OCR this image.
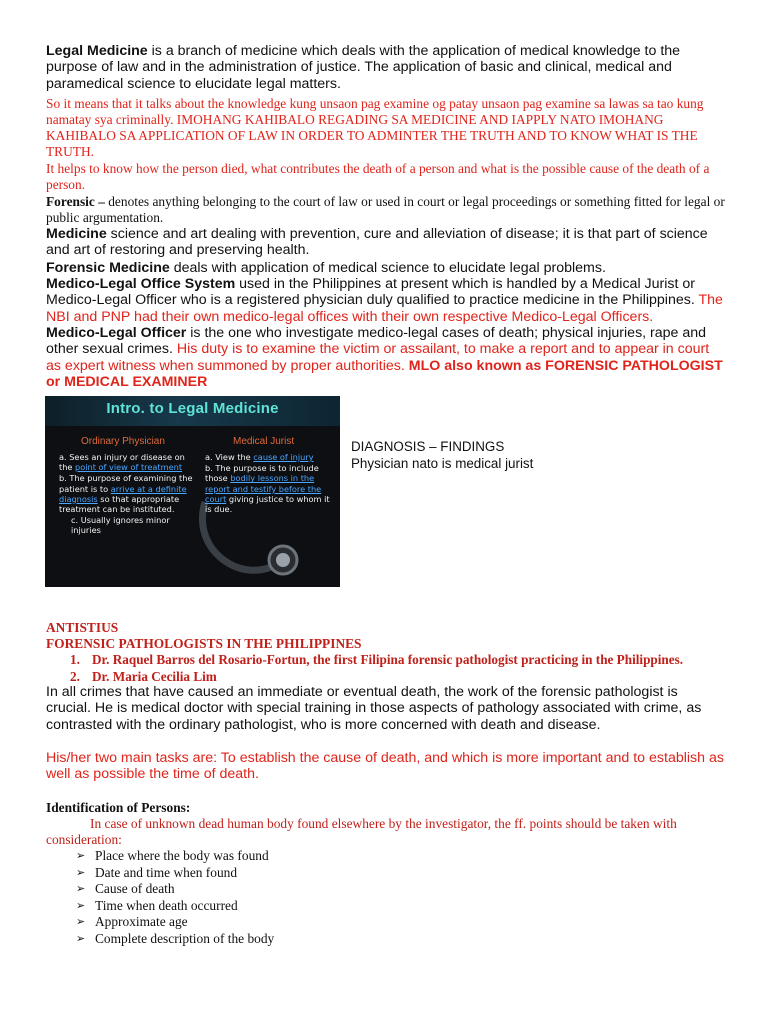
Legal Medicine is a branch of medicine which deals with the application of medical knowledge to the purpose of law and in the administration of justice. The application of basic and clinical, medical and paramedical science to elucidate legal matters.

So it means that it talks about the knowledge kung unsaon pag examine og patay unsaon pag examine sa lawas sa tao kung namatay sya criminally. IMOHANG KAHIBALO REGADING SA MEDICINE AND IAPPLY NATO IMOHANG KAHIBALO SA APPLICATION OF LAW IN ORDER TO ADMINTER THE TRUTH AND TO KNOW WHAT IS THE TRUTH.

It helps to know how the person died, what contributes the death of a person and what is the possible cause of the death of a person.

Forensic – denotes anything belonging to the court of law or used in court or legal proceedings or something fitted for legal or public argumentation.

Medicine science and art dealing with prevention, cure and alleviation of disease; it is that part of science and art of restoring and preserving health.

Forensic Medicine deals with application of medical science to elucidate legal problems.

Medico-Legal Office System used in the Philippines at present which is handled by a Medical Jurist or Medico-Legal Officer who is a registered physician duly qualified to practice medicine in the Philippines. The NBI and PNP had their own medico-legal offices with their own respective Medico-Legal Officers.

Medico-Legal Officer is the one who investigate medico-legal cases of death; physical injuries, rape and other sexual crimes. His duty is to examine the victim or assailant, to make a report and to appear in court as expert witness when summoned by proper authorities. MLO also known as FORENSIC PATHOLOGIST or MEDICAL EXAMINER

Intro. to Legal Medicine
Ordinary Physician	Medical Jurist

a. Sees an injury or disease on the point of view of treatment

b. The purpose of examining the patient is to arrive at a definite diagnosis so that appropriate treatment can be instituted.

c. Usually ignores minor injuries

a. View the cause of injury

b. The purpose is to include those bodily lessons in the report and testify before the court giving justice to whom it is due.

DIAGNOSIS – FINDINGS
Physician nato is medical jurist

ANTISTIUS

FORENSIC PATHOLOGISTS IN THE PHILIPPINES

1. Dr. Raquel Barros del Rosario-Fortun, the first Filipina forensic pathologist practicing in the Philippines.
2. Dr. Maria Cecilia Lim

In all crimes that have caused an immediate or eventual death, the work of the forensic pathologist is crucial. He is medical doctor with special training in those aspects of pathology associated with crime, as contrasted with the ordinary pathologist, who is more concerned with death and disease.

His/her two main tasks are: To establish the cause of death, and which is more important and to establish as well as possible the time of death.

Identification of Persons:

In case of unknown dead human body found elsewhere by the investigator, the ff. points should be taken with consideration:

➢ Place where the body was found
➢ Date and time when found
➢ Cause of death
➢ Time when death occurred
➢ Approximate age
➢ Complete description of the body
